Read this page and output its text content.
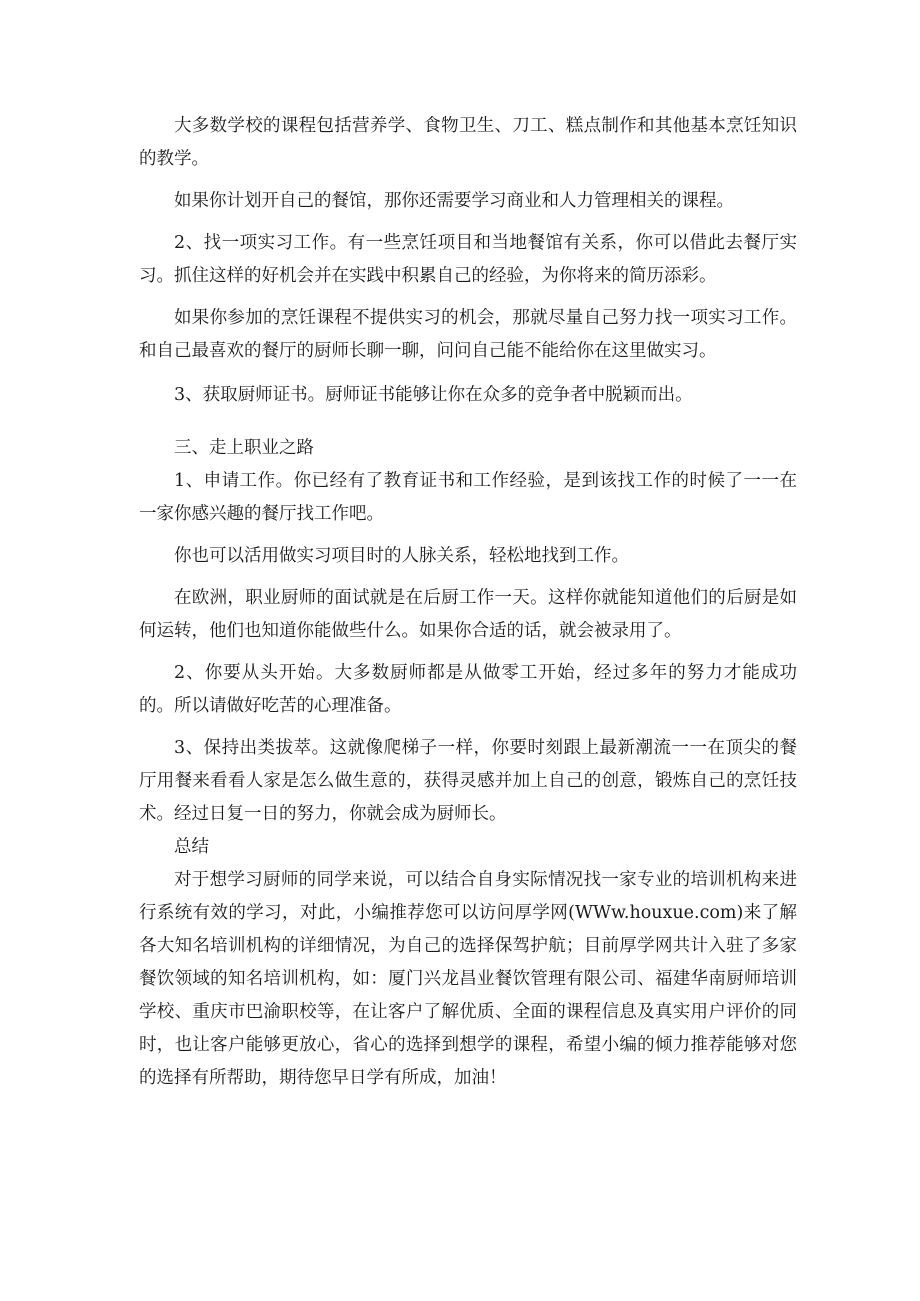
大多数学校的课程包括营养学、食物卫生、刀工、糕点制作和其他基本烹饪知识的教学。

如果你计划开自己的餐馆，那你还需要学习商业和人力管理相关的课程。

2、找一项实习工作。有一些烹饪项目和当地餐馆有关系，你可以借此去餐厅实习。抓住这样的好机会并在实践中积累自己的经验，为你将来的简历添彩。

如果你参加的烹饪课程不提供实习的机会，那就尽量自己努力找一项实习工作。和自己最喜欢的餐厅的厨师长聊一聊，问问自己能不能给你在这里做实习。

3、获取厨师证书。厨师证书能够让你在众多的竞争者中脱颖而出。

三、走上职业之路

1、申请工作。你已经有了教育证书和工作经验，是到该找工作的时候了一一在一家你感兴趣的餐厅找工作吧。

你也可以活用做实习项目时的人脉关系，轻松地找到工作。

在欧洲，职业厨师的面试就是在后厨工作一天。这样你就能知道他们的后厨是如何运转，他们也知道你能做些什么。如果你合适的话，就会被录用了。

2、你要从头开始。大多数厨师都是从做零工开始，经过多年的努力才能成功的。所以请做好吃苦的心理准备。

3、保持出类拔萃。这就像爬梯子一样，你要时刻跟上最新潮流一一在顶尖的餐厅用餐来看看人家是怎么做生意的，获得灵感并加上自己的创意，锻炼自己的烹饪技术。经过日复一日的努力，你就会成为厨师长。

总结

对于想学习厨师的同学来说，可以结合自身实际情况找一家专业的培训机构来进行系统有效的学习，对此，小编推荐您可以访问厚学网(WWw.houxue.com)来了解各大知名培训机构的详细情况，为自己的选择保驾护航；目前厚学网共计入驻了多家餐饮领域的知名培训机构，如：厦门兴龙昌业餐饮管理有限公司、福建华南厨师培训学校、重庆市巴渝职校等，在让客户了解优质、全面的课程信息及真实用户评价的同时，也让客户能够更放心，省心的选择到想学的课程，希望小编的倾力推荐能够对您的选择有所帮助，期待您早日学有所成，加油！
